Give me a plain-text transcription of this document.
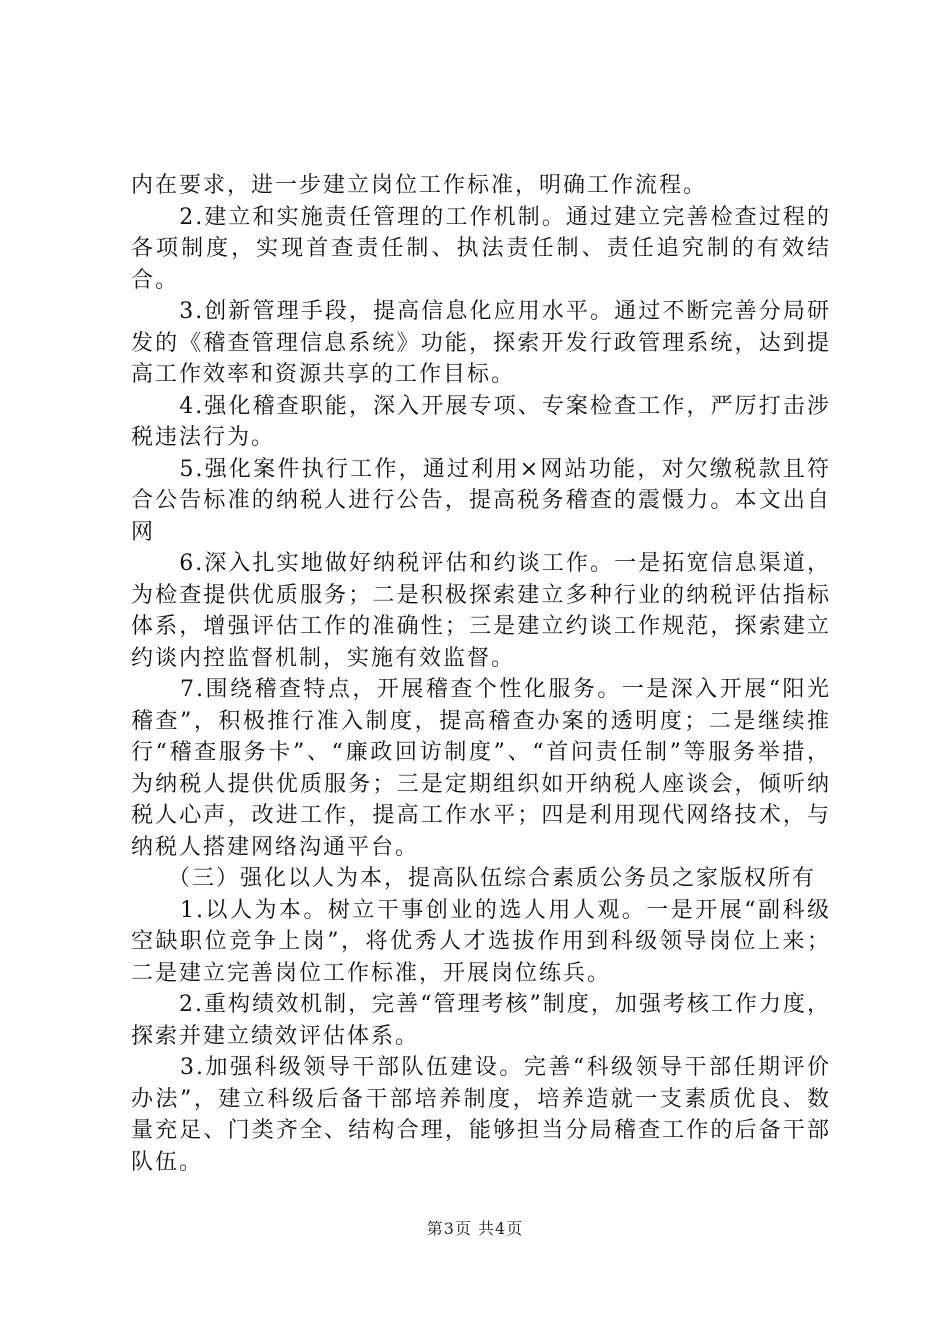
内在要求，进一步建立岗位工作标准，明确工作流程。

　　2.建立和实施责任管理的工作机制。通过建立完善检查过程的各项制度，实现首查责任制、执法责任制、责任追究制的有效结合。

　　3.创新管理手段，提高信息化应用水平。通过不断完善分局研发的《稽查管理信息系统》功能，探索开发行政管理系统，达到提高工作效率和资源共享的工作目标。

　　4.强化稽查职能，深入开展专项、专案检查工作，严厉打击涉税违法行为。

　　5.强化案件执行工作，通过利用×网站功能，对欠缴税款且符合公告标准的纳税人进行公告，提高税务稽查的震慑力。本文出自网

　　6.深入扎实地做好纳税评估和约谈工作。一是拓宽信息渠道，为检查提供优质服务；二是积极探索建立多种行业的纳税评估指标体系，增强评估工作的准确性；三是建立约谈工作规范，探索建立约谈内控监督机制，实施有效监督。

　　7.围绕稽查特点，开展稽查个性化服务。一是深入开展“阳光稽查”，积极推行准入制度，提高稽查办案的透明度；二是继续推行“稽查服务卡”、“廉政回访制度”、“首问责任制”等服务举措，为纳税人提供优质服务；三是定期组织如开纳税人座谈会，倾听纳税人心声，改进工作，提高工作水平；四是利用现代网络技术，与纳税人搭建网络沟通平台。

　　（三）强化以人为本，提高队伍综合素质公务员之家版权所有

　　1.以人为本。树立干事创业的选人用人观。一是开展“副科级空缺职位竞争上岗”，将优秀人才选拔作用到科级领导岗位上来；二是建立完善岗位工作标准，开展岗位练兵。

　　2.重构绩效机制，完善“管理考核”制度，加强考核工作力度，探索并建立绩效评估体系。

　　3.加强科级领导干部队伍建设。完善“科级领导干部任期评价办法”，建立科级后备干部培养制度，培养造就一支素质优良、数量充足、门类齐全、结构合理，能够担当分局稽查工作的后备干部队伍。

第3页 共4页
